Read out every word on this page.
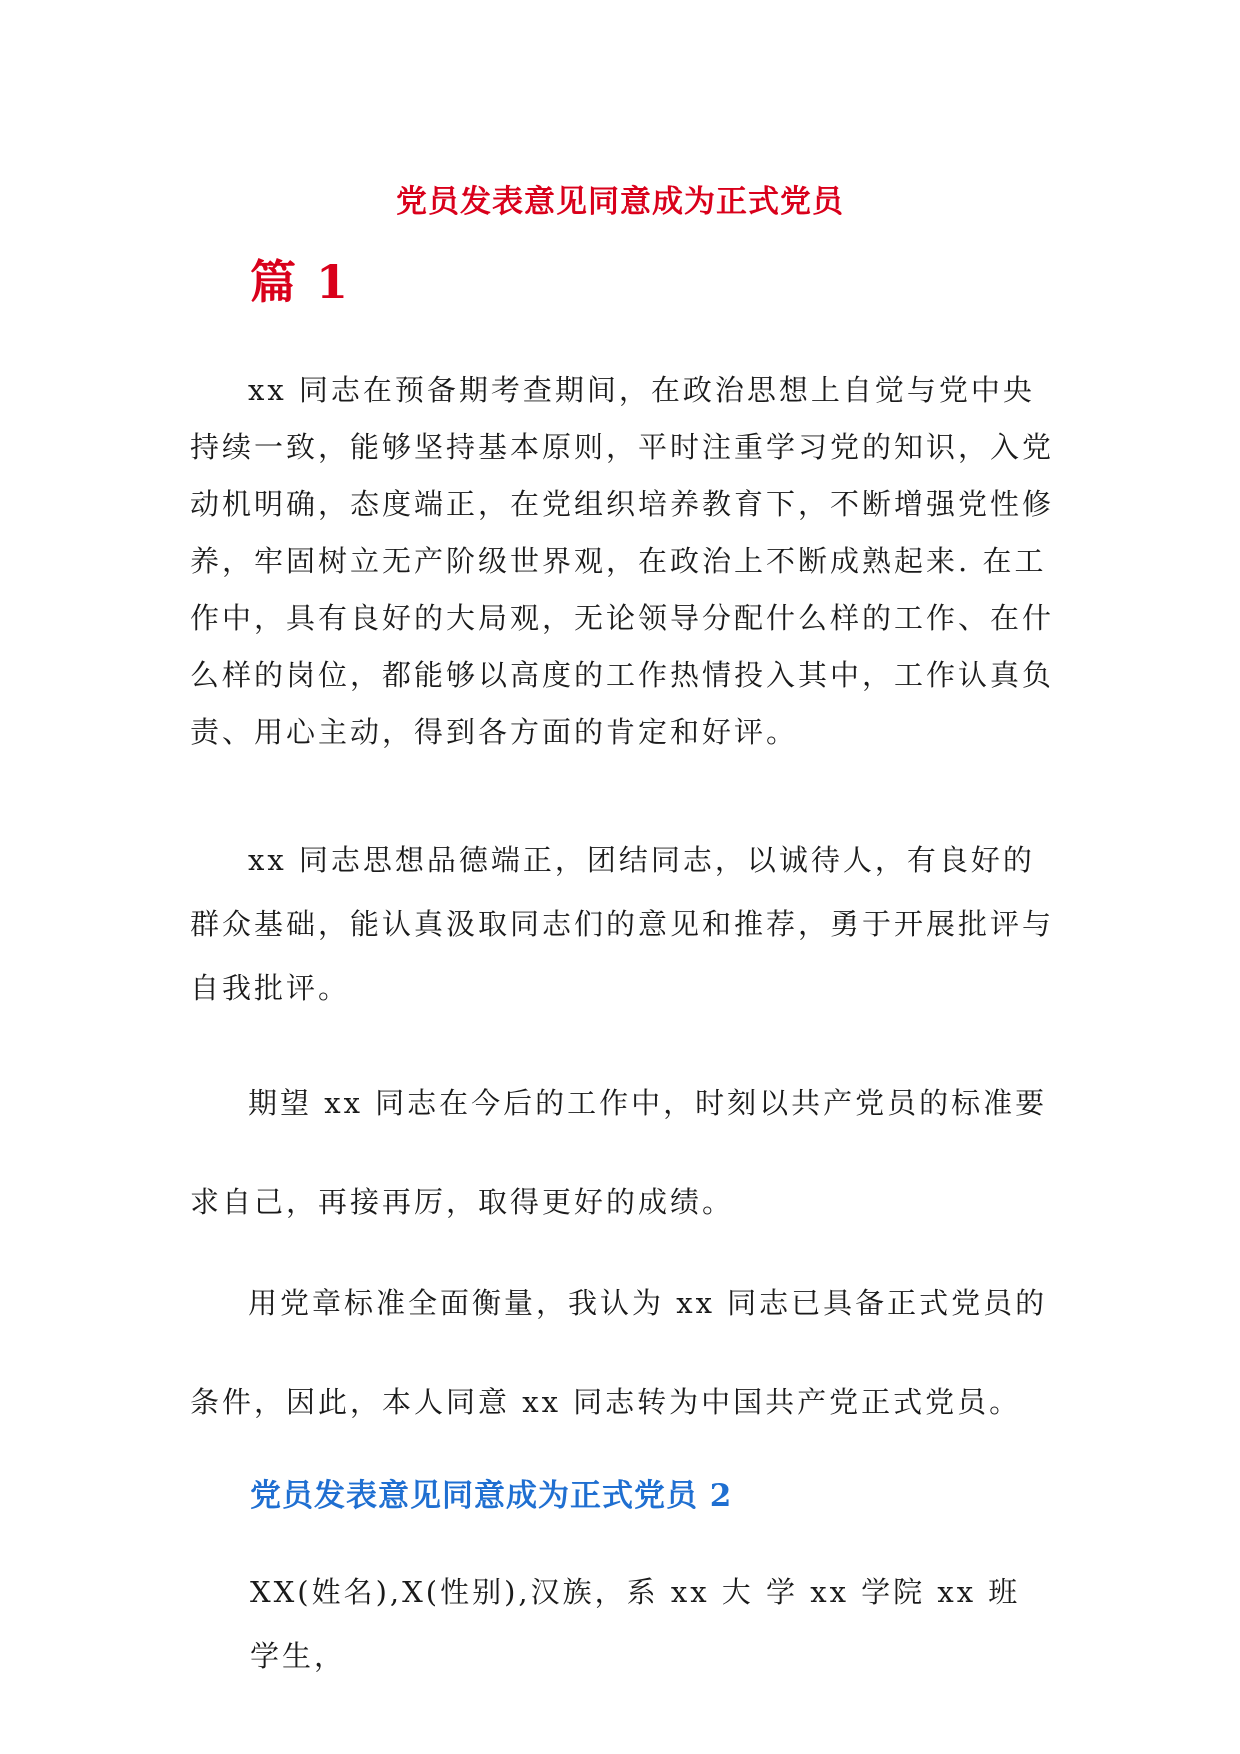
党员发表意见同意成为正式党员
篇 1

xx 同志在预备期考查期间，在政治思想上自觉与党中央持续一致，能够坚持基本原则，平时注重学习党的知识，入党动机明确，态度端正，在党组织培养教育下，不断增强党性修养，牢固树立无产阶级世界观，在政治上不断成熟起来. 在工作中，具有良好的大局观，无论领导分配什么样的工作、在什么样的岗位，都能够以高度的工作热情投入其中，工作认真负责、用心主动，得到各方面的肯定和好评。

xx 同志思想品德端正，团结同志，以诚待人，有良好的群众基础，能认真汲取同志们的意见和推荐，勇于开展批评与自我批评。

期望 xx 同志在今后的工作中，时刻以共产党员的标准要求自己，再接再厉，取得更好的成绩。

用党章标准全面衡量，我认为 xx 同志已具备正式党员的条件，因此，本人同意 xx 同志转为中国共产党正式党员。

党员发表意见同意成为正式党员 2

XX(姓名),X(性别),汉族，系 xx 大 学 xx 学院 xx 班学生，
